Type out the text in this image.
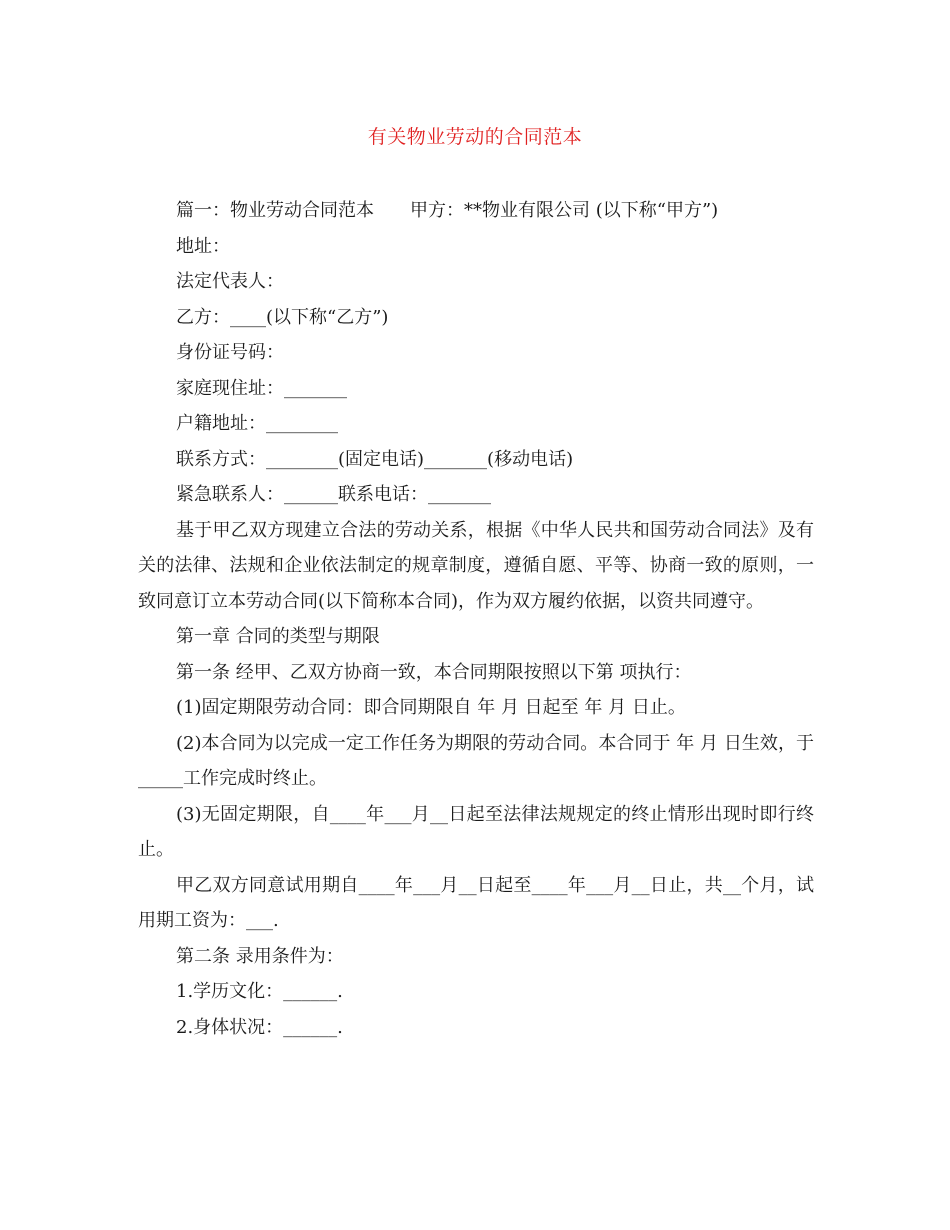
有关物业劳动的合同范本

篇一：物业劳动合同范本　　甲方：**物业有限公司 (以下称“甲方”)

地址：

法定代表人：

乙方：____(以下称“乙方”)

身份证号码：

家庭现住址：_______

户籍地址：________

联系方式：________(固定电话)_______(移动电话)

紧急联系人：______联系电话：_______

基于甲乙双方现建立合法的劳动关系，根据《中华人民共和国劳动合同法》及有关的法律、法规和企业依法制定的规章制度，遵循自愿、平等、协商一致的原则，一致同意订立本劳动合同(以下简称本合同)，作为双方履约依据，以资共同遵守。

第一章 合同的类型与期限

第一条 经甲、乙双方协商一致，本合同期限按照以下第 项执行：

(1)固定期限劳动合同：即合同期限自 年 月 日起至 年 月 日止。

(2)本合同为以完成一定工作任务为期限的劳动合同。本合同于 年 月 日生效，于_____工作完成时终止。

(3)无固定期限，自____年___月__日起至法律法规规定的终止情形出现时即行终止。

甲乙双方同意试用期自____年___月__日起至____年___月__日止，共__个月，试用期工资为：___.

第二条 录用条件为：

1.学历文化：______.

2.身体状况：______.
